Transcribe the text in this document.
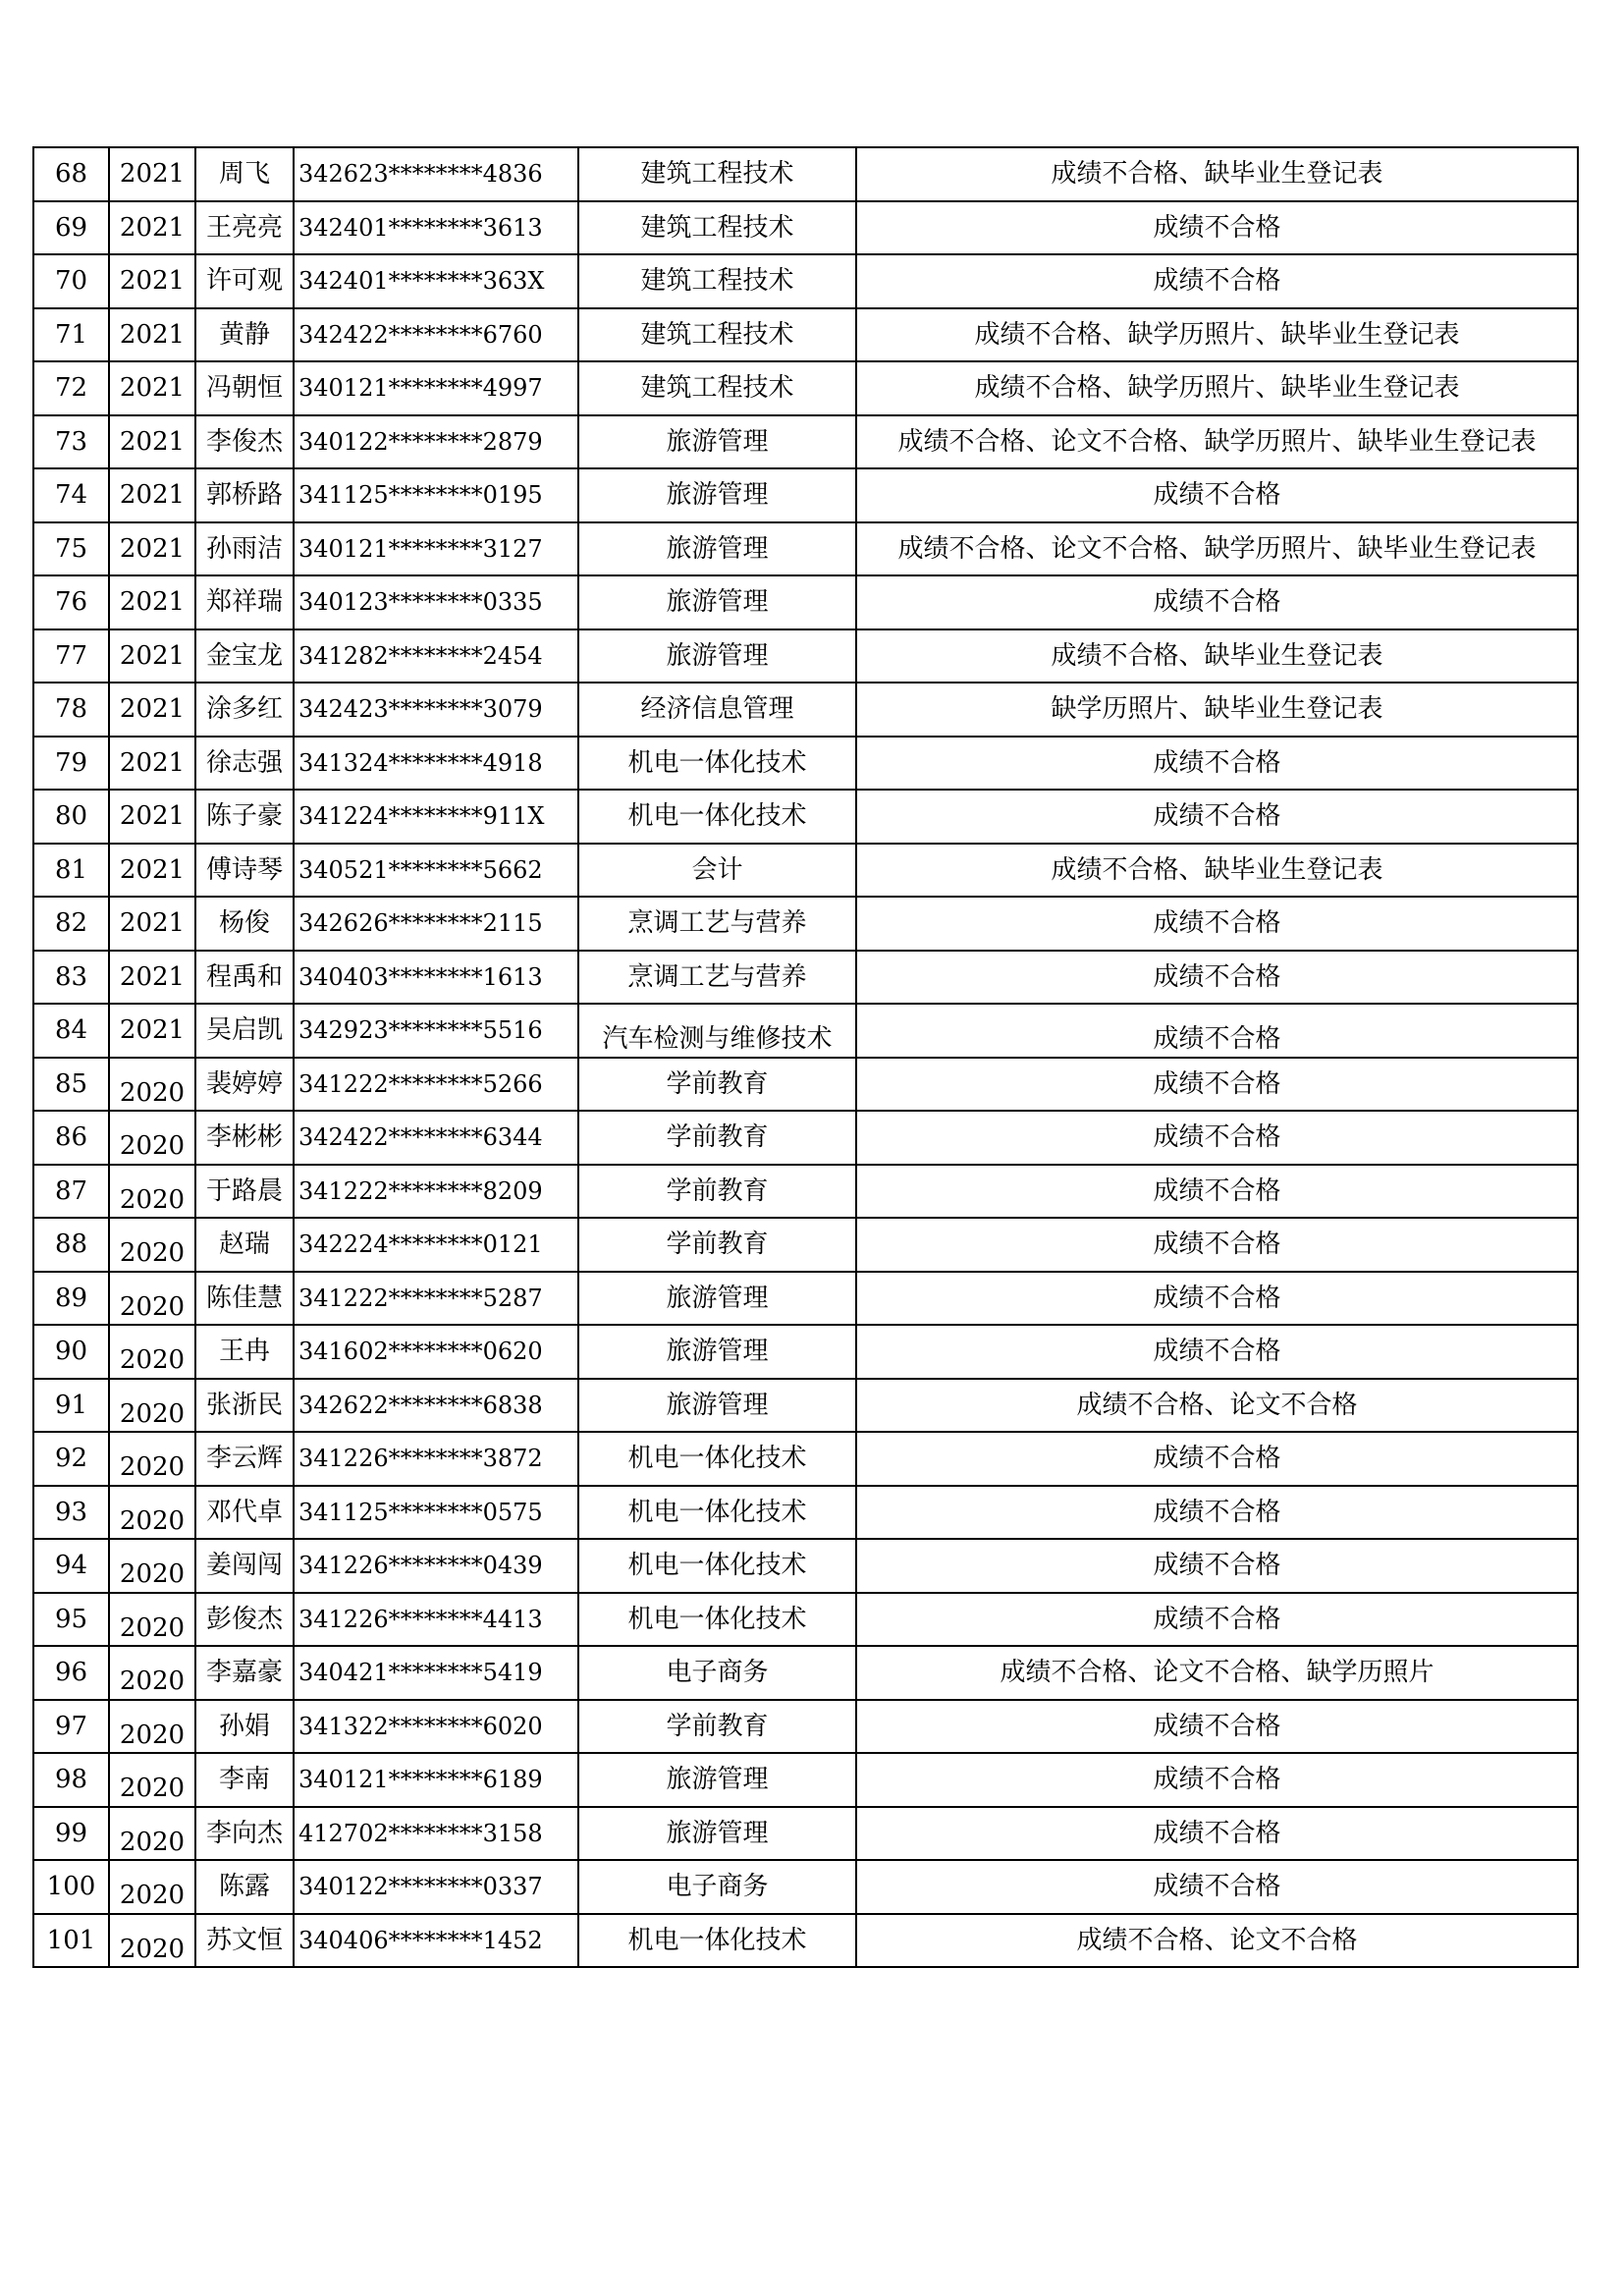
68	2021	周飞	342623********4836	建筑工程技术	成绩不合格、缺毕业生登记表
69	2021	王亮亮	342401********3613	建筑工程技术	成绩不合格
70	2021	许可观	342401********363X	建筑工程技术	成绩不合格
71	2021	黄静	342422********6760	建筑工程技术	成绩不合格、缺学历照片、缺毕业生登记表
72	2021	冯朝恒	340121********4997	建筑工程技术	成绩不合格、缺学历照片、缺毕业生登记表
73	2021	李俊杰	340122********2879	旅游管理	成绩不合格、论文不合格、缺学历照片、缺毕业生登记表
74	2021	郭桥路	341125********0195	旅游管理	成绩不合格
75	2021	孙雨洁	340121********3127	旅游管理	成绩不合格、论文不合格、缺学历照片、缺毕业生登记表
76	2021	郑祥瑞	340123********0335	旅游管理	成绩不合格
77	2021	金宝龙	341282********2454	旅游管理	成绩不合格、缺毕业生登记表
78	2021	涂多红	342423********3079	经济信息管理	缺学历照片、缺毕业生登记表
79	2021	徐志强	341324********4918	机电一体化技术	成绩不合格
80	2021	陈子豪	341224********911X	机电一体化技术	成绩不合格
81	2021	傅诗琴	340521********5662	会计	成绩不合格、缺毕业生登记表
82	2021	杨俊	342626********2115	烹调工艺与营养	成绩不合格
83	2021	程禹和	340403********1613	烹调工艺与营养	成绩不合格
84	2021	吴启凯	342923********5516	汽车检测与维修技术	成绩不合格
85	2020	裴婷婷	341222********5266	学前教育	成绩不合格
86	2020	李彬彬	342422********6344	学前教育	成绩不合格
87	2020	于路晨	341222********8209	学前教育	成绩不合格
88	2020	赵瑞	342224********0121	学前教育	成绩不合格
89	2020	陈佳慧	341222********5287	旅游管理	成绩不合格
90	2020	王冉	341602********0620	旅游管理	成绩不合格
91	2020	张浙民	342622********6838	旅游管理	成绩不合格、论文不合格
92	2020	李云辉	341226********3872	机电一体化技术	成绩不合格
93	2020	邓代卓	341125********0575	机电一体化技术	成绩不合格
94	2020	姜闯闯	341226********0439	机电一体化技术	成绩不合格
95	2020	彭俊杰	341226********4413	机电一体化技术	成绩不合格
96	2020	李嘉豪	340421********5419	电子商务	成绩不合格、论文不合格、缺学历照片
97	2020	孙娟	341322********6020	学前教育	成绩不合格
98	2020	李南	340121********6189	旅游管理	成绩不合格
99	2020	李向杰	412702********3158	旅游管理	成绩不合格
100	2020	陈露	340122********0337	电子商务	成绩不合格
101	2020	苏文恒	340406********1452	机电一体化技术	成绩不合格、论文不合格
